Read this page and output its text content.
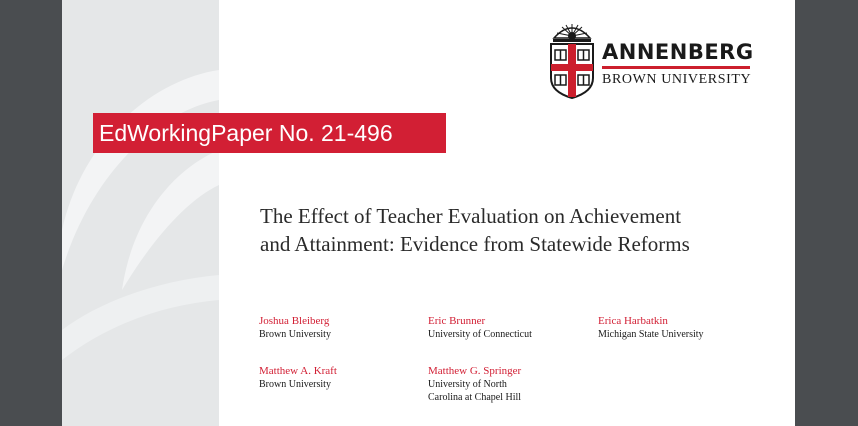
ANNENBERG
BROWN UNIVERSITY
EdWorkingPaper No. 21-496
The Effect of Teacher Evaluation on Achievement
and Attainment: Evidence from Statewide Reforms
Joshua Bleiberg
Brown University
Eric Brunner
University of Connecticut
Erica Harbatkin
Michigan State University
Matthew A. Kraft
Brown University
Matthew G. Springer
University of North Carolina at Chapel Hill
